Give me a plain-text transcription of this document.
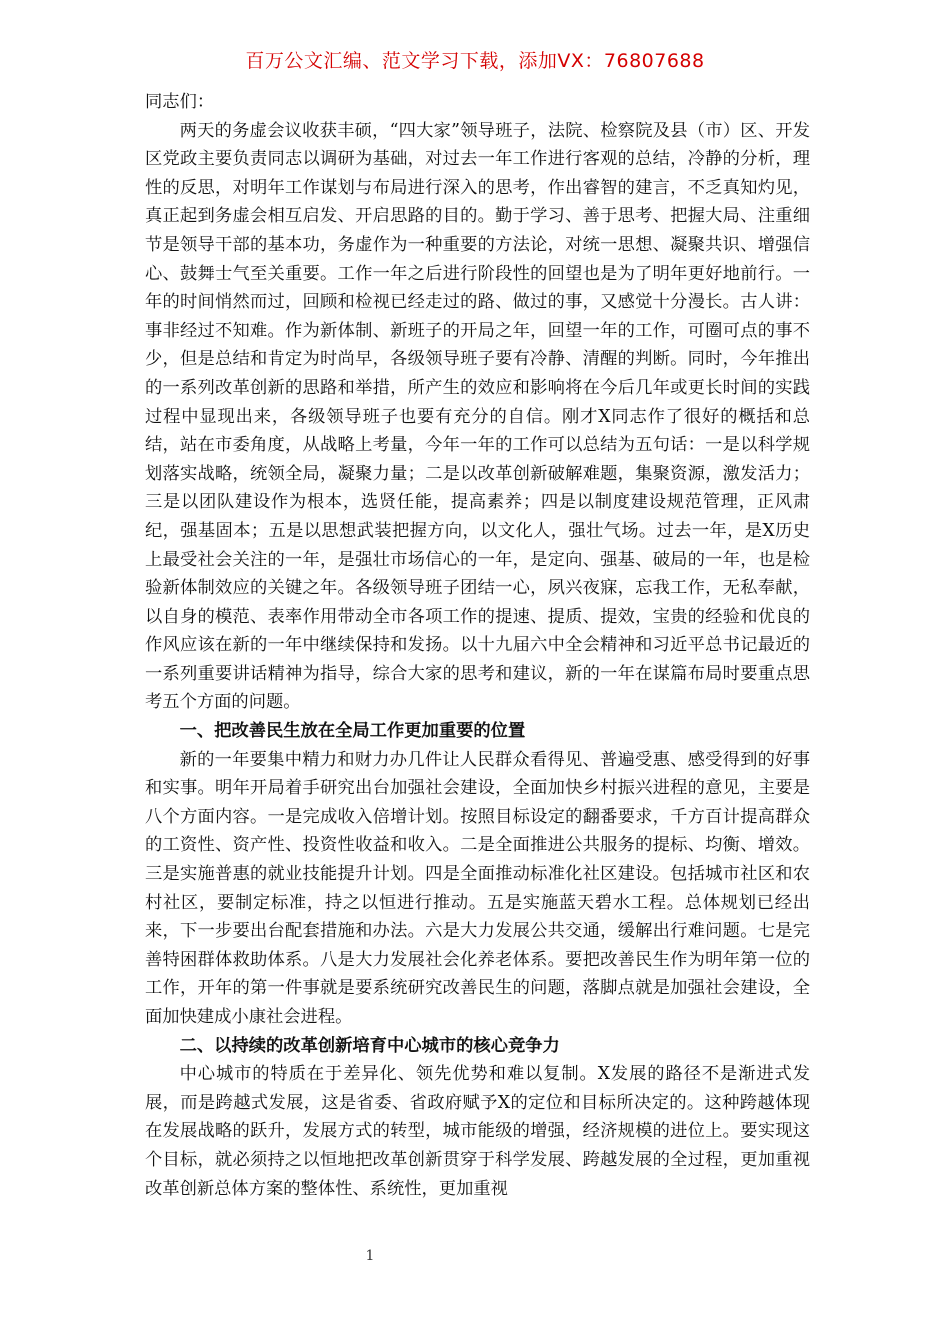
百万公文汇编、范文学习下载，添加VX：76807688

同志们：

两天的务虚会议收获丰硕，“四大家”领导班子，法院、检察院及县（市）区、开发区党政主要负责同志以调研为基础，对过去一年工作进行客观的总结，冷静的分析，理性的反思，对明年工作谋划与布局进行深入的思考，作出睿智的建言，不乏真知灼见，真正起到务虚会相互启发、开启思路的目的。勤于学习、善于思考、把握大局、注重细节是领导干部的基本功，务虚作为一种重要的方法论，对统一思想、凝聚共识、增强信心、鼓舞士气至关重要。工作一年之后进行阶段性的回望也是为了明年更好地前行。一年的时间悄然而过，回顾和检视已经走过的路、做过的事，又感觉十分漫长。古人讲：事非经过不知难。作为新体制、新班子的开局之年，回望一年的工作，可圈可点的事不少，但是总结和肯定为时尚早，各级领导班子要有冷静、清醒的判断。同时，今年推出的一系列改革创新的思路和举措，所产生的效应和影响将在今后几年或更长时间的实践过程中显现出来，各级领导班子也要有充分的自信。刚才X同志作了很好的概括和总结，站在市委角度，从战略上考量，今年一年的工作可以总结为五句话：一是以科学规划落实战略，统领全局，凝聚力量；二是以改革创新破解难题，集聚资源，激发活力；三是以团队建设作为根本，选贤任能，提高素养；四是以制度建设规范管理，正风肃纪，强基固本；五是以思想武装把握方向，以文化人，强壮气场。过去一年，是X历史上最受社会关注的一年，是强壮市场信心的一年，是定向、强基、破局的一年，也是检验新体制效应的关键之年。各级领导班子团结一心，夙兴夜寐，忘我工作，无私奉献，以自身的模范、表率作用带动全市各项工作的提速、提质、提效，宝贵的经验和优良的作风应该在新的一年中继续保持和发扬。以十九届六中全会精神和习近平总书记最近的一系列重要讲话精神为指导，综合大家的思考和建议，新的一年在谋篇布局时要重点思考五个方面的问题。

一、把改善民生放在全局工作更加重要的位置

新的一年要集中精力和财力办几件让人民群众看得见、普遍受惠、感受得到的好事和实事。明年开局着手研究出台加强社会建设，全面加快乡村振兴进程的意见，主要是八个方面内容。一是完成收入倍增计划。按照目标设定的翻番要求，千方百计提高群众的工资性、资产性、投资性收益和收入。二是全面推进公共服务的提标、均衡、增效。三是实施普惠的就业技能提升计划。四是全面推动标准化社区建设。包括城市社区和农村社区，要制定标准，持之以恒进行推动。五是实施蓝天碧水工程。总体规划已经出来，下一步要出台配套措施和办法。六是大力发展公共交通，缓解出行难问题。七是完善特困群体救助体系。八是大力发展社会化养老体系。要把改善民生作为明年第一位的工作，开年的第一件事就是要系统研究改善民生的问题，落脚点就是加强社会建设，全面加快建成小康社会进程。

二、以持续的改革创新培育中心城市的核心竞争力

中心城市的特质在于差异化、领先优势和难以复制。X发展的路径不是渐进式发展，而是跨越式发展，这是省委、省政府赋予X的定位和目标所决定的。这种跨越体现在发展战略的跃升，发展方式的转型，城市能级的增强，经济规模的进位上。要实现这个目标，就必须持之以恒地把改革创新贯穿于科学发展、跨越发展的全过程，更加重视改革创新总体方案的整体性、系统性，更加重视

1
